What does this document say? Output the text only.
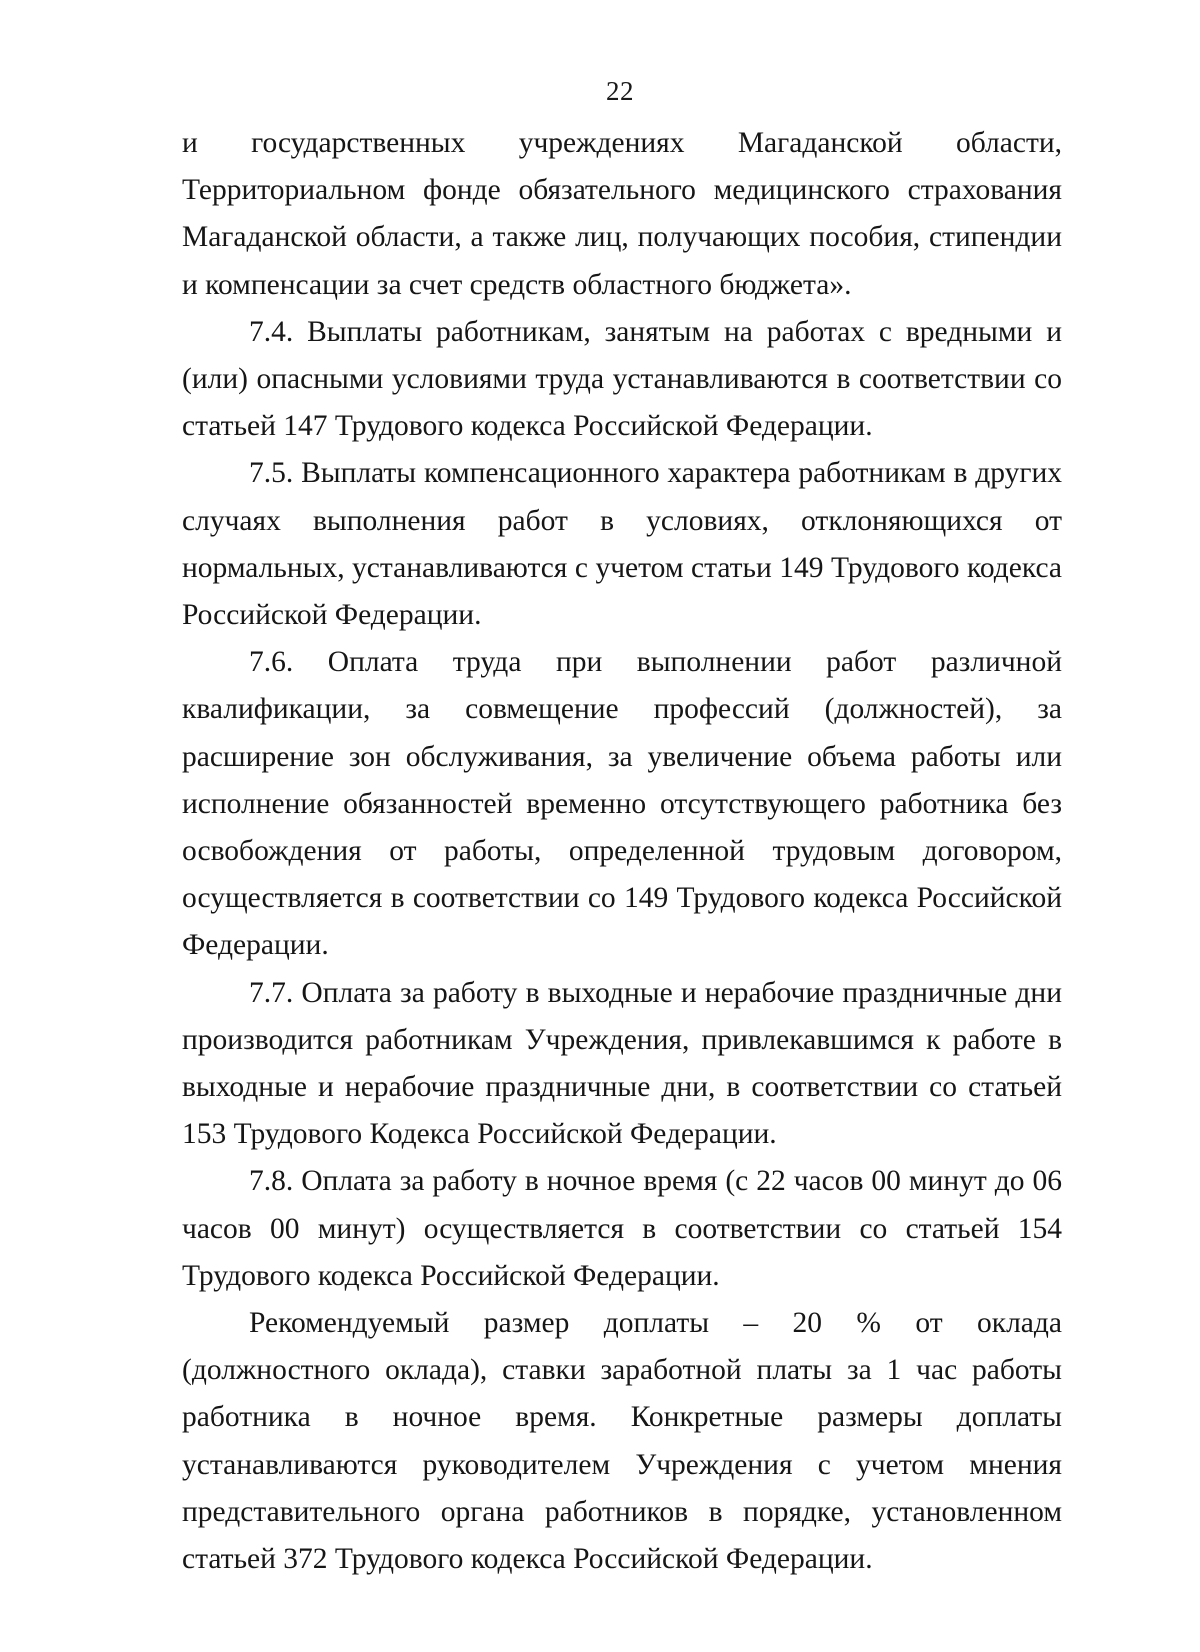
22

и государственных учреждениях Магаданской области, Территориальном фонде обязательного медицинского страхования Магаданской области, а также лиц, получающих пособия, стипендии и компенсации за счет средств областного бюджета».

7.4. Выплаты работникам, занятым на работах с вредными и (или) опасными условиями труда устанавливаются в соответствии со статьей 147 Трудового кодекса Российской Федерации.

7.5. Выплаты компенсационного характера работникам в других случаях выполнения работ в условиях, отклоняющихся от нормальных, устанавливаются с учетом статьи 149 Трудового кодекса Российской Федерации.

7.6. Оплата труда при выполнении работ различной квалификации, за совмещение профессий (должностей), за расширение зон обслуживания, за увеличение объема работы или исполнение обязанностей временно отсутствующего работника без освобождения от работы, определенной трудовым договором, осуществляется в соответствии со 149 Трудового кодекса Российской Федерации.

7.7. Оплата за работу в выходные и нерабочие праздничные дни производится работникам Учреждения, привлекавшимся к работе в выходные и нерабочие праздничные дни, в соответствии со статьей 153 Трудового Кодекса Российской Федерации.

7.8. Оплата за работу в ночное время (с 22 часов 00 минут до 06 часов 00 минут) осуществляется в соответствии со статьей 154 Трудового кодекса Российской Федерации.

Рекомендуемый размер доплаты – 20 % от оклада (должностного оклада), ставки заработной платы за 1 час работы работника в ночное время. Конкретные размеры доплаты устанавливаются руководителем Учреждения с учетом мнения представительного органа работников в порядке, установленном статьей 372 Трудового кодекса Российской Федерации.
